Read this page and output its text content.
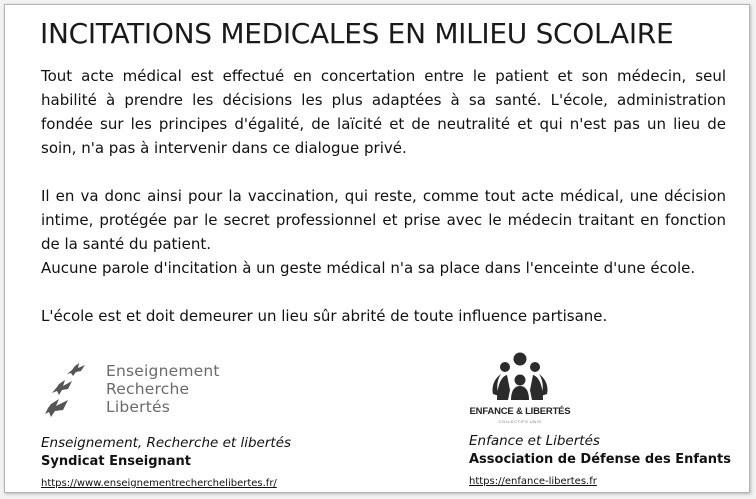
INCITATIONS MEDICALES EN MILIEU SCOLAIRE

Tout acte médical est effectué en concertation entre le patient et son médecin, seul habilité à prendre les décisions les plus adaptées à sa santé. L'école, administration fondée sur les principes d'égalité, de laïcité et de neutralité et qui n'est pas un lieu de soin, n'a pas à intervenir dans ce dialogue privé.

Il en va donc ainsi pour la vaccination, qui reste, comme tout acte médical, une décision intime, protégée par le secret professionnel et prise avec le médecin traitant en fonction de la santé du patient.

Aucune parole d'incitation à un geste médical n'a sa place dans l'enceinte d'une école.

L'école est et doit demeurer un lieu sûr abrité de toute influence partisane.

Enseignement
Recherche
Libertés
Enseignement, Recherche et libertés
Syndicat Enseignant
https://www.enseignementrecherchelibertes.fr/
ENFANCE & LIBERTÉS
COLLECTIFS UNIS
Enfance et Libertés
Association de Défense des Enfants
https://enfance-libertes.fr
